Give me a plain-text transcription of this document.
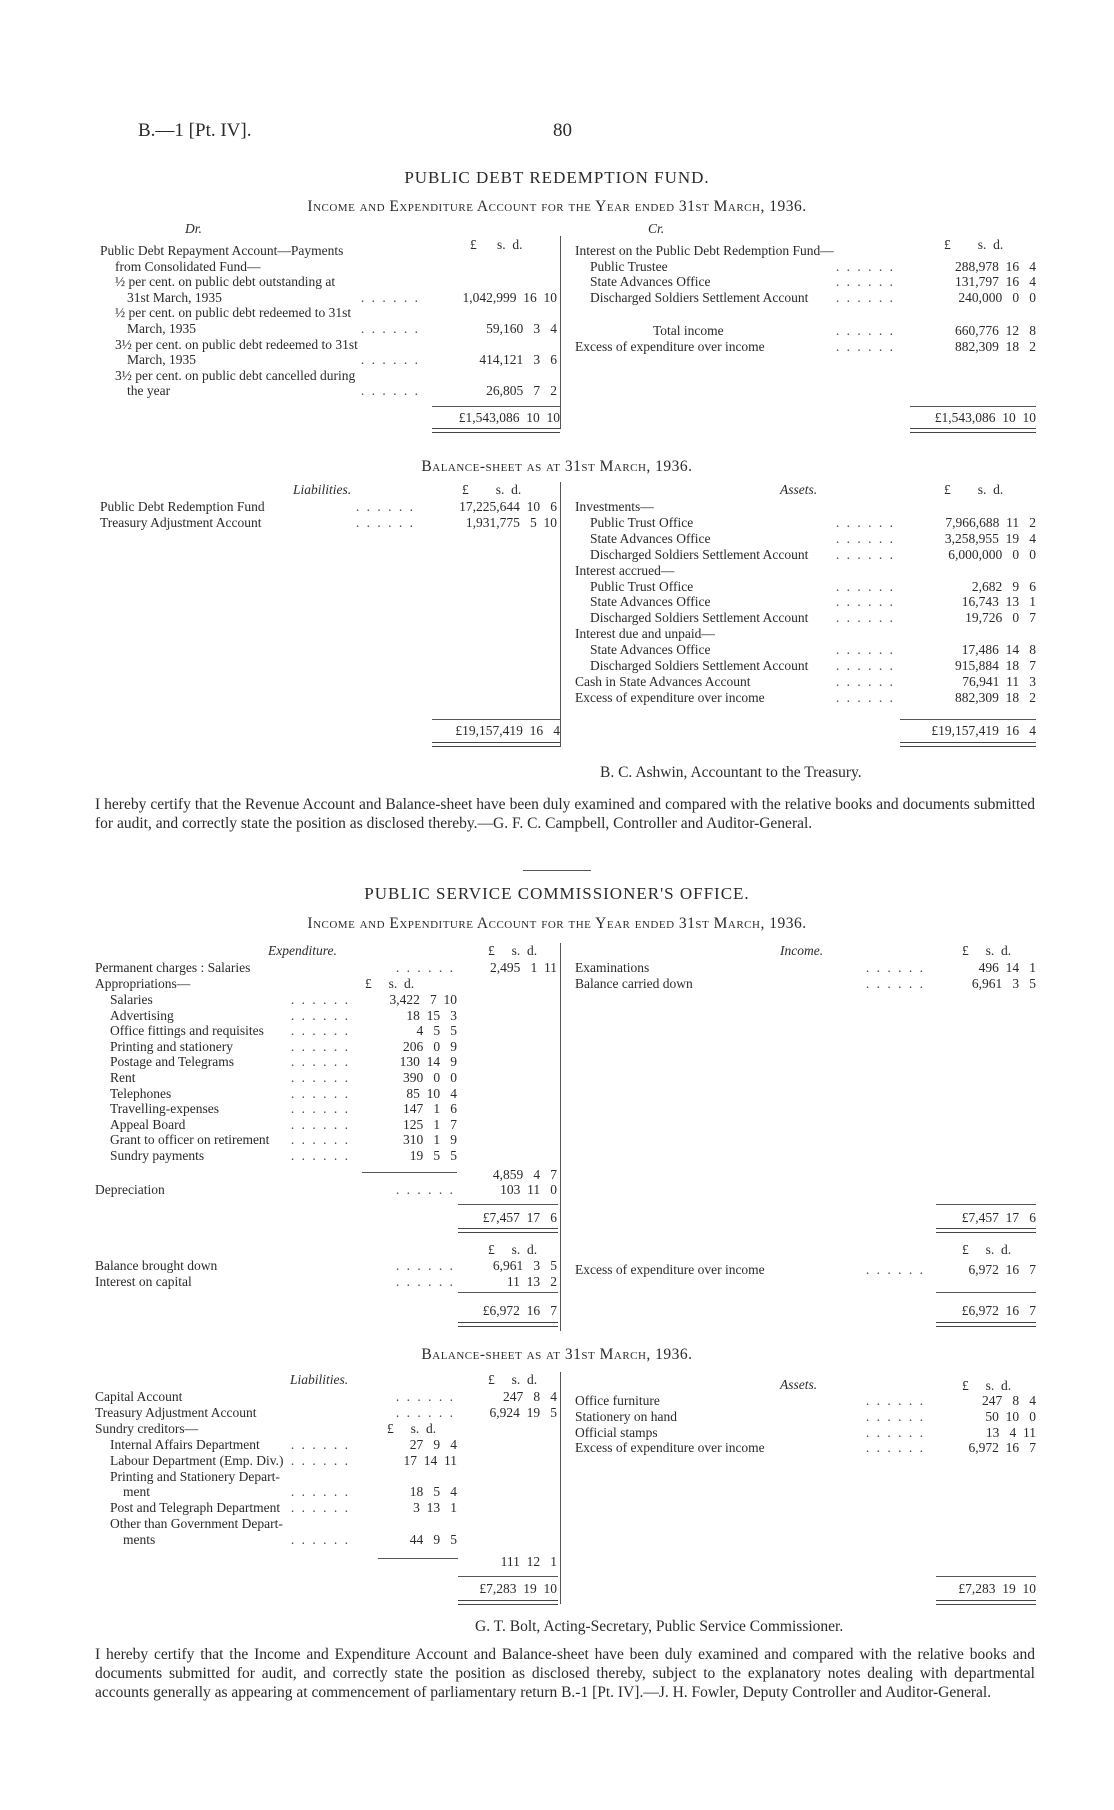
B.—1 [Pt. IV].	80
PUBLIC DEBT REDEMPTION FUND.
Income and Expenditure Account for the Year ended 31st March, 1936.
Dr.	Cr.
£      s.  d.	£        s.  d.
Public Debt Repayment Account—Payments
from Consolidated Fund—
½ per cent. on public debt outstanding at
31st March, 1935	. . . . . .	1,042,999  16  10
½ per cent. on public debt redeemed to 31st
March, 1935	. . . . . .	59,160   3   4
3½ per cent. on public debt redeemed to 31st
March, 1935	. . . . . .	414,121   3   6
3½ per cent. on public debt cancelled during
the year	. . . . . .	26,805   7   2
Interest on the Public Debt Redemption Fund—
Public Trustee	. . . . . .	288,978  16   4
State Advances Office	. . . . . .	131,797  16   4
Discharged Soldiers Settlement Account . . . . . .	240,000   0   0
Total income	. . . . . .	660,776  12   8
Excess of expenditure over income	. . . . . .	882,309  18   2
£1,543,086  10  10	£1,543,086  10  10
Balance-sheet as at 31st March, 1936.
Liabilities.	Assets.
£        s.  d.	£        s.  d.
Public Debt Redemption Fund	. . . . . .	17,225,644  10   6
Treasury Adjustment Account	. . . . . .	1,931,775   5  10
Investments—
Public Trust Office	. . . . . .	7,966,688  11   2
State Advances Office	. . . . . .	3,258,955  19   4
Discharged Soldiers Settlement Account . . . . . .	6,000,000   0   0
Interest accrued—
Public Trust Office	. . . . . .	2,682   9   6
State Advances Office	. . . . . .	16,743  13   1
Discharged Soldiers Settlement Account . . . . . .	19,726   0   7
Interest due and unpaid—
State Advances Office	. . . . . .	17,486  14   8
Discharged Soldiers Settlement Account . . . . . .	915,884  18   7
Cash in State Advances Account	. . . . . .	76,941  11   3
Excess of expenditure over income	. . . . . .	882,309  18   2
£19,157,419  16   4	£19,157,419  16   4
B. C. Ashwin, Accountant to the Treasury.
I hereby certify that the Revenue Account and Balance-sheet have been duly examined and compared with the relative books and documents submitted for audit, and correctly state the position as disclosed thereby.—G. F. C. Campbell, Controller and Auditor-General.
PUBLIC SERVICE COMMISSIONER'S OFFICE.
Income and Expenditure Account for the Year ended 31st March, 1936.
Expenditure.	Income.
£     s.  d.	£     s.  d.
Permanent charges : Salaries	. . . . . .	2,495   1  11
Appropriations—	£     s.  d.
Salaries	. . . . . .	3,422   7  10
Advertising	. . . . . .	18  15   3
Office fittings and requisites . . . . . .	4   5   5
Printing and stationery	. . . . . .	206   0   9
Postage and Telegrams	. . . . . .	130  14   9
Rent	. . . . . .	390   0   0
Telephones	. . . . . .	85  10   4
Travelling-expenses	. . . . . .	147   1   6
Appeal Board	. . . . . .	125   1   7
Grant to officer on retirement . . . . . .	310   1   9
Sundry payments	. . . . . .	19   5   5
4,859   4   7
Depreciation	. . . . . .	103  11   0
£7,457  17   6
£     s.  d.
Balance brought down	. . . . . .	6,961   3   5
Interest on capital	. . . . . .	11  13   2
£6,972  16   7
Examinations	. . . . . .	496  14   1
Balance carried down	. . . . . .	6,961   3   5
£7,457  17   6
£     s.  d.
Excess of expenditure over income	. . . . . .	6,972  16   7
£6,972  16   7
Balance-sheet as at 31st March, 1936.
Liabilities.	Assets.
£     s.  d.	£     s.  d.
Capital Account	. . . . . .	247   8   4
Treasury Adjustment Account	. . . . . .	6,924  19   5
Sundry creditors—	£     s.  d.
Internal Affairs Department . . . . . .	27   9   4
Labour Department (Emp. Div.) . . . . . .	17  14  11
Printing and Stationery Depart-
ment	. . . . . .	18   5   4
Post and Telegraph Department . . . . . .	3  13   1
Other than Government Depart-
ments	. . . . . .	44   9   5
111  12   1
£7,283  19  10
Office furniture	. . . . . .	247   8   4
Stationery on hand	. . . . . .	50  10   0
Official stamps	. . . . . .	13   4  11
Excess of expenditure over income	. . . . . .	6,972  16   7
£7,283  19  10
G. T. Bolt, Acting-Secretary, Public Service Commissioner.
I hereby certify that the Income and Expenditure Account and Balance-sheet have been duly examined and compared with the relative books and documents submitted for audit, and correctly state the position as disclosed thereby, subject to the explanatory notes dealing with departmental accounts generally as appearing at commencement of parliamentary return B.-1 [Pt. IV].—J. H. Fowler, Deputy Controller and Auditor-General.
